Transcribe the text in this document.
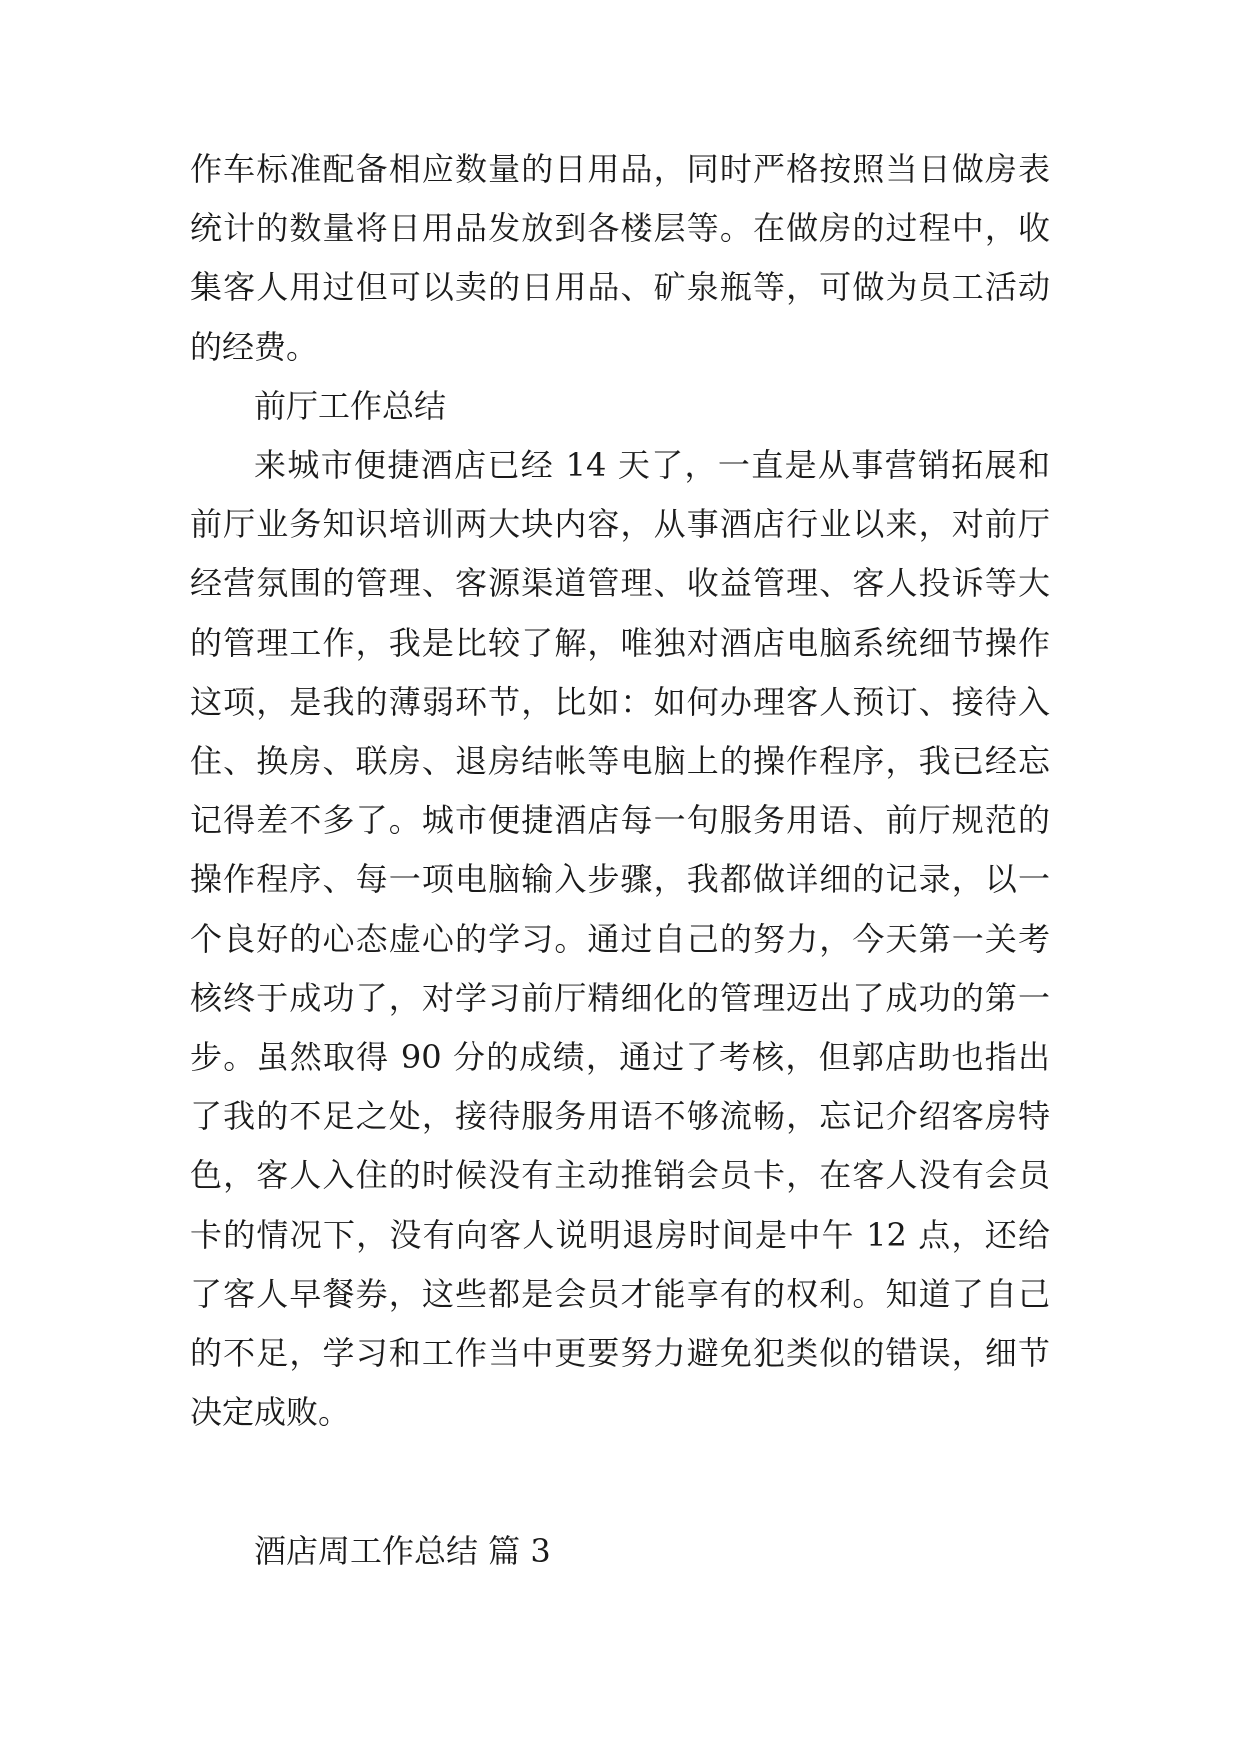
作车标准配备相应数量的日用品，同时严格按照当日做房表统计的数量将日用品发放到各楼层等。在做房的过程中，收集客人用过但可以卖的日用品、矿泉瓶等，可做为员工活动的经费。

前厅工作总结

来城市便捷酒店已经 14 天了，一直是从事营销拓展和前厅业务知识培训两大块内容，从事酒店行业以来，对前厅经营氛围的管理、客源渠道管理、收益管理、客人投诉等大的管理工作，我是比较了解，唯独对酒店电脑系统细节操作这项，是我的薄弱环节，比如：如何办理客人预订、接待入住、换房、联房、退房结帐等电脑上的操作程序，我已经忘记得差不多了。城市便捷酒店每一句服务用语、前厅规范的操作程序、每一项电脑输入步骤，我都做详细的记录，以一个良好的心态虚心的学习。通过自己的努力，今天第一关考核终于成功了，对学习前厅精细化的管理迈出了成功的第一步。虽然取得 90 分的成绩，通过了考核，但郭店助也指出了我的不足之处，接待服务用语不够流畅，忘记介绍客房特色，客人入住的时候没有主动推销会员卡，在客人没有会员卡的情况下，没有向客人说明退房时间是中午 12 点，还给了客人早餐券，这些都是会员才能享有的权利。知道了自己的不足，学习和工作当中更要努力避免犯类似的错误，细节决定成败。

酒店周工作总结 篇 3
